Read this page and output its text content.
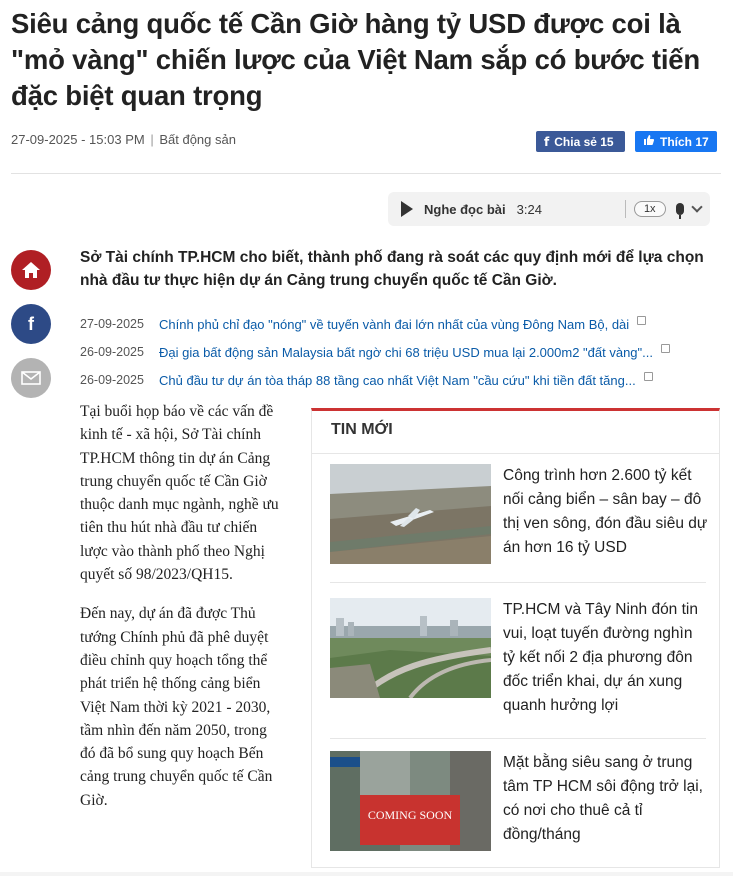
Siêu cảng quốc tế Cần Giờ hàng tỷ USD được coi là "mỏ vàng" chiến lược của Việt Nam sắp có bước tiến đặc biệt quan trọng
27-09-2025 - 15:03 PM | Bất động sản	f Chia sẻ 15	Thích 17
Nghe đọc bài 3:24	1x
f
Sở Tài chính TP.HCM cho biết, thành phố đang rà soát các quy định mới để lựa chọn nhà đầu tư thực hiện dự án Cảng trung chuyển quốc tế Cần Giờ.
27-09-2025	Chính phủ chỉ đạo "nóng" về tuyến vành đai lớn nhất của vùng Đông Nam Bộ, dài
26-09-2025	Đại gia bất động sản Malaysia bất ngờ chi 68 triệu USD mua lại 2.000m2 "đất vàng"...
26-09-2025	Chủ đầu tư dự án tòa tháp 88 tầng cao nhất Việt Nam "cầu cứu" khi tiền đất tăng...

Tại buổi họp báo về các vấn đề kinh tế - xã hội, Sở Tài chính TP.HCM thông tin dự án Cảng trung chuyển quốc tế Cần Giờ thuộc danh mục ngành, nghề ưu tiên thu hút nhà đầu tư chiến lược vào thành phố theo Nghị quyết số 98/2023/QH15.

Đến nay, dự án đã được Thủ tướng Chính phủ đã phê duyệt điều chỉnh quy hoạch tổng thể phát triển hệ thống cảng biển Việt Nam thời kỳ 2021 - 2030, tầm nhìn đến năm 2050, trong đó đã bổ sung quy hoạch Bến cảng trung chuyển quốc tế Cần Giờ.

TIN MỚI
Công trình hơn 2.600 tỷ kết nối cảng biển – sân bay – đô thị ven sông, đón đầu siêu dự án hơn 16 tỷ USD
TP.HCM và Tây Ninh đón tin vui, loạt tuyến đường nghìn tỷ kết nối 2 địa phương đôn đốc triển khai, dự án xung quanh hưởng lợi
COMING SOON
Mặt bằng siêu sang ở trung tâm TP HCM sôi động trở lại, có nơi cho thuê cả tỉ đồng/tháng
